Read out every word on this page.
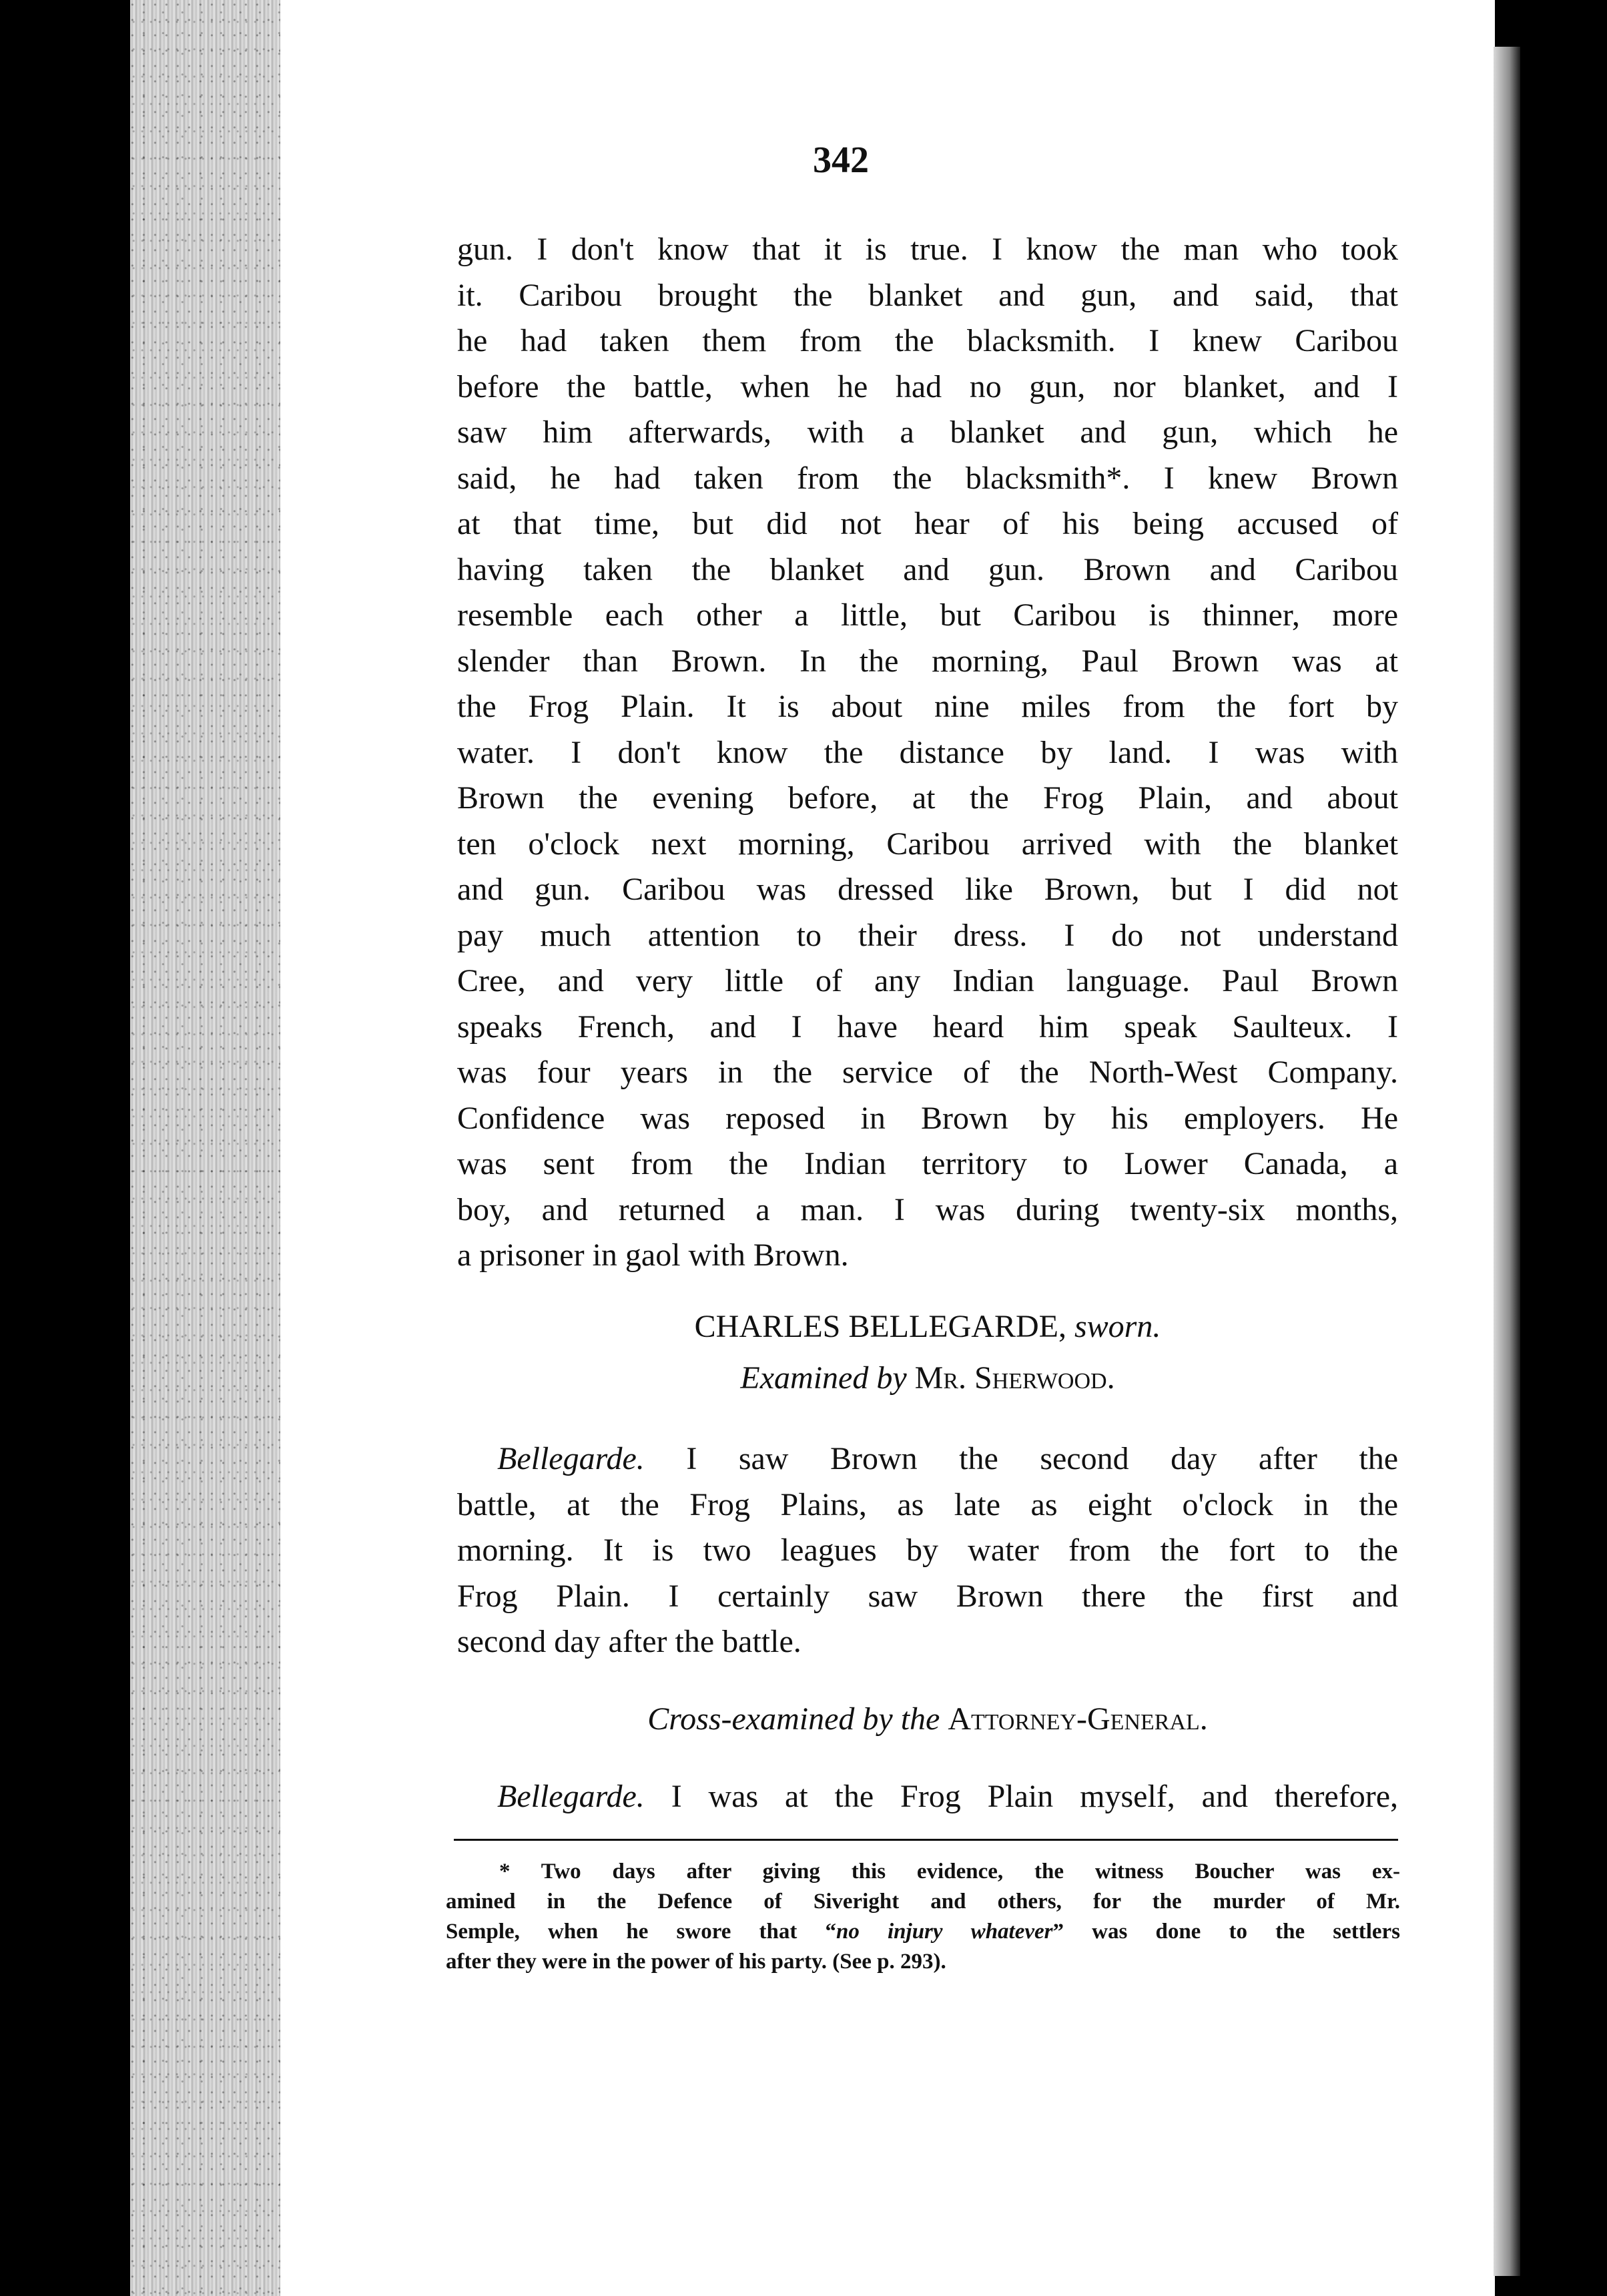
342
gun. I don't know that it is true. I know the man who took
it. Caribou brought the blanket and gun, and said, that
he had taken them from the blacksmith. I knew Caribou
before the battle, when he had no gun, nor blanket, and I
saw him afterwards, with a blanket and gun, which he
said, he had taken from the blacksmith*. I knew Brown
at that time, but did not hear of his being accused of
having taken the blanket and gun. Brown and Caribou
resemble each other a little, but Caribou is thinner, more
slender than Brown. In the morning, Paul Brown was at
the Frog Plain. It is about nine miles from the fort by
water. I don't know the distance by land. I was with
Brown the evening before, at the Frog Plain, and about
ten o'clock next morning, Caribou arrived with the blanket
and gun. Caribou was dressed like Brown, but I did not
pay much attention to their dress. I do not understand
Cree, and very little of any Indian language. Paul Brown
speaks French, and I have heard him speak Saulteux. I
was four years in the service of the North-West Company.
Confidence was reposed in Brown by his employers. He
was sent from the Indian territory to Lower Canada, a
boy, and returned a man. I was during twenty-six months,
a prisoner in gaol with Brown.
CHARLES BELLEGARDE, sworn.
Examined by Mr. Sherwood.
Bellegarde. I saw Brown the second day after the
battle, at the Frog Plains, as late as eight o'clock in the
morning. It is two leagues by water from the fort to the
Frog Plain. I certainly saw Brown there the first and
second day after the battle.
Cross-examined by the Attorney-General.
Bellegarde. I was at the Frog Plain myself, and therefore,
* Two days after giving this evidence, the witness Boucher was ex-
amined in the Defence of Siveright and others, for the murder of Mr.
Semple, when he swore that “no injury whatever” was done to the settlers
after they were in the power of his party. (See p. 293).
